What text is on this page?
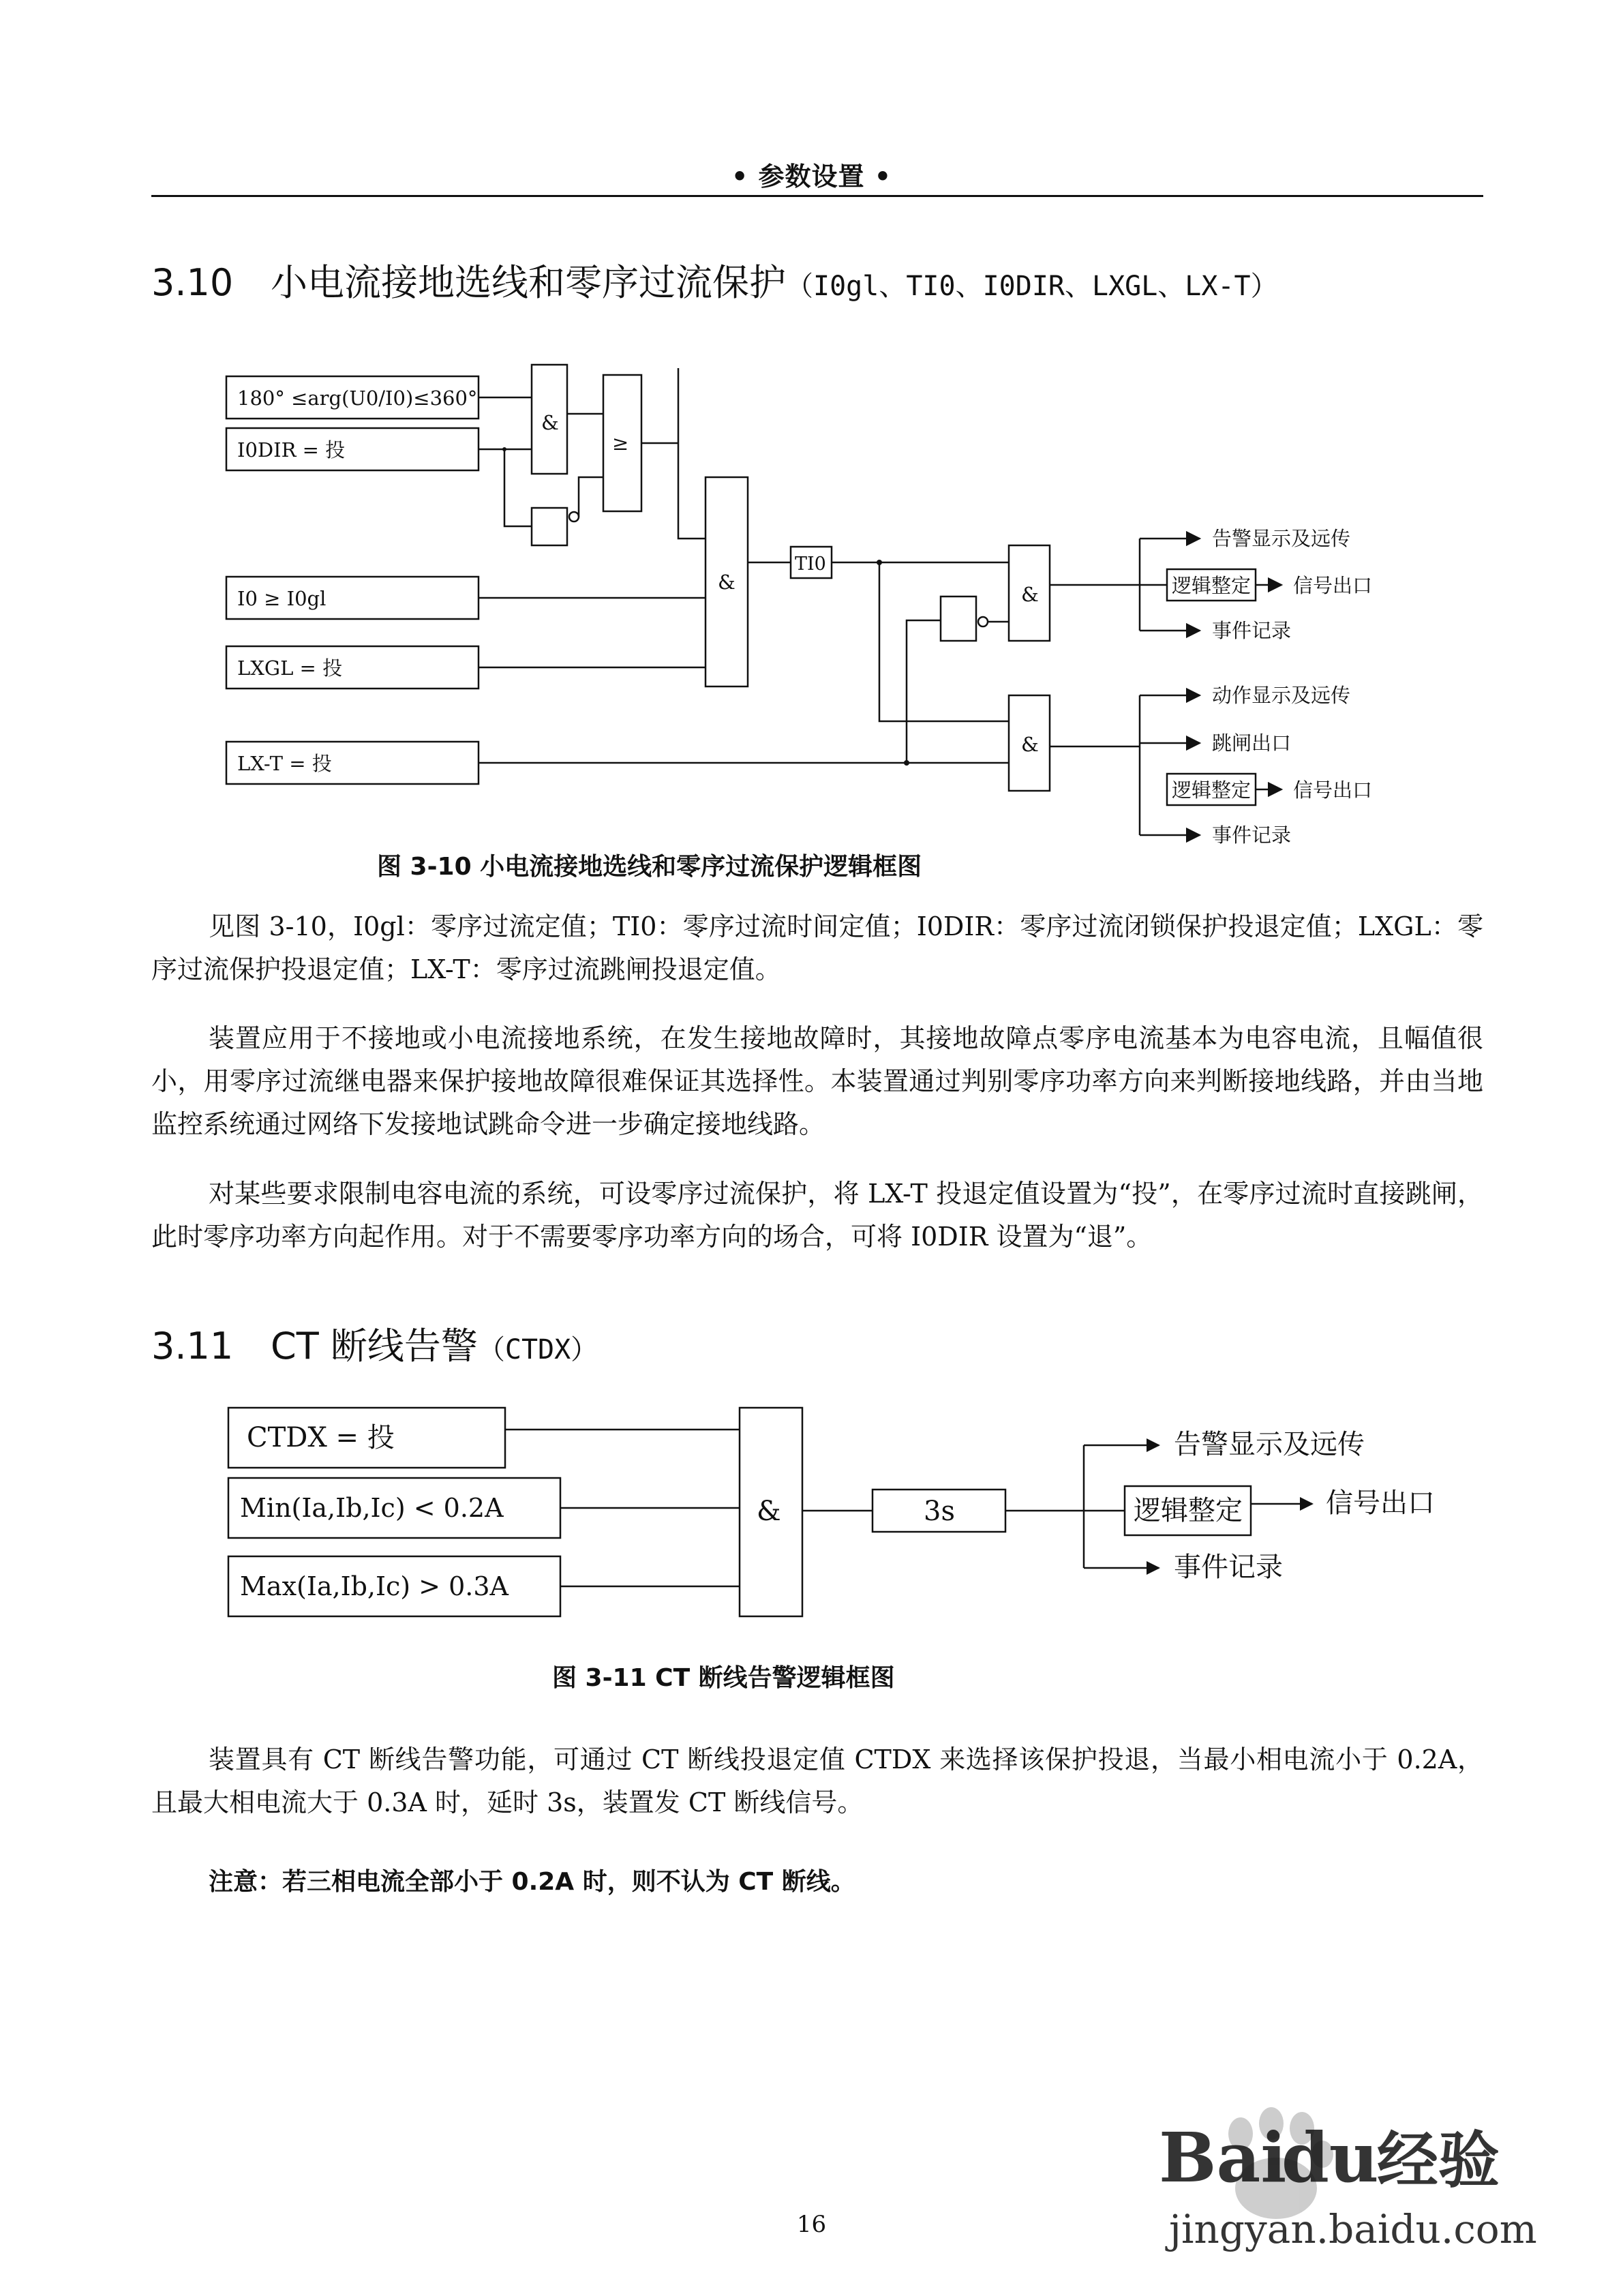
• 参数设置 •
3.10 小电流接地选线和零序过流保护（I0gl、TI0、I0DIR、LXGL、LX-T）
180° ≤arg(U0/I0)≤360°
I0DIR = 投
I0 ≥ I0gl
LXGL = 投
LX-T = 投
&
≥
&
TI0
&
&
告警显示及远传
逻辑整定 信号出口
事件记录
动作显示及远传
跳闸出口
逻辑整定 信号出口
事件记录
图 3-10 小电流接地选线和零序过流保护逻辑框图
见图 3-10，I0gl：零序过流定值；TI0：零序过流时间定值；I0DIR：零序过流闭锁保护投退定值；LXGL：零序过流保护投退定值；LX-T：零序过流跳闸投退定值。
装置应用于不接地或小电流接地系统，在发生接地故障时，其接地故障点零序电流基本为电容电流，且幅值很小，用零序过流继电器来保护接地故障很难保证其选择性。本装置通过判别零序功率方向来判断接地线路，并由当地监控系统通过网络下发接地试跳命令进一步确定接地线路。
对某些要求限制电容电流的系统，可设零序过流保护，将 LX-T 投退定值设置为“投”，在零序过流时直接跳闸，此时零序功率方向起作用。对于不需要零序功率方向的场合，可将 I0DIR 设置为“退”。
3.11 CT 断线告警（CTDX）
CTDX = 投
Min(Ia,Ib,Ic) < 0.2A
Max(Ia,Ib,Ic) > 0.3A
&	3s
告警显示及远传
逻辑整定	信号出口
事件记录
图 3-11 CT 断线告警逻辑框图
装置具有 CT 断线告警功能，可通过 CT 断线投退定值 CTDX 来选择该保护投退，当最小相电流小于 0.2A，且最大相电流大于 0.3A 时，延时 3s，装置发 CT 断线信号。
注意：若三相电流全部小于 0.2A 时，则不认为 CT 断线。
16
Bai
du
经验
jingyan.baidu.com
